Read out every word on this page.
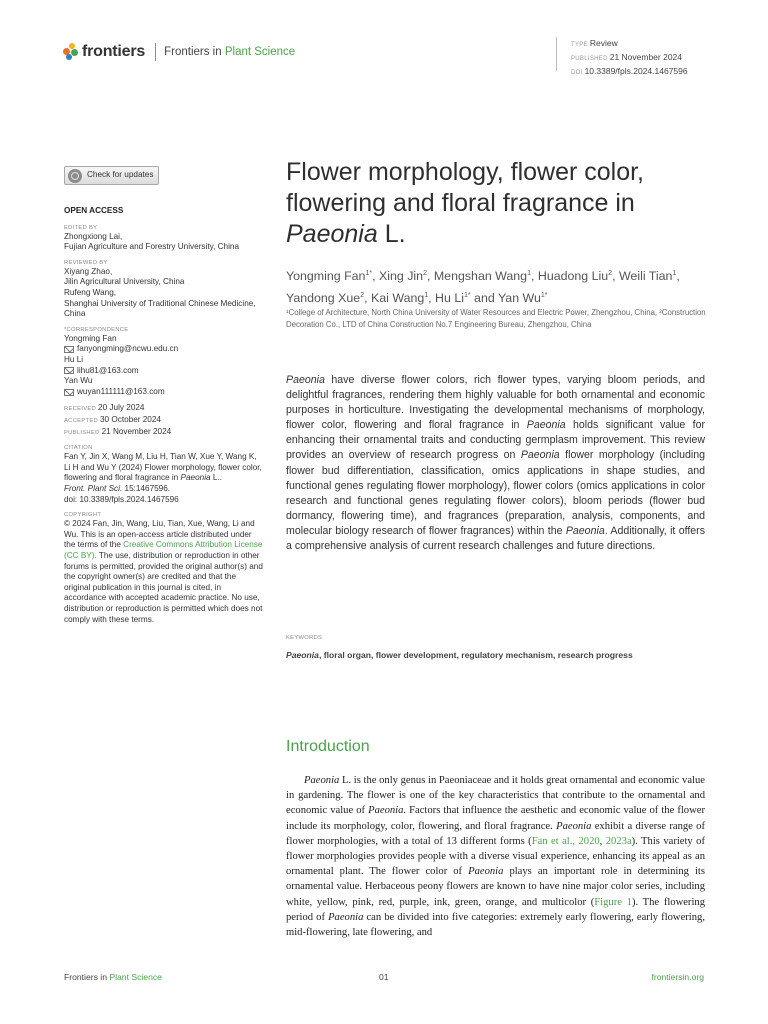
frontiers Frontiers in Plant Science
TYPE Review
PUBLISHED 21 November 2024
DOI 10.3389/fpls.2024.1467596
Check for updates
OPEN ACCESS
EDITED BY
Zhongxiong Lai,
Fujian Agriculture and Forestry University, China
REVIEWED BY
Xiyang Zhao,
Jilin Agricultural University, China
Rufeng Wang,
Shanghai University of Traditional Chinese Medicine, China
*CORRESPONDENCE
Yongming Fan
fanyongming@ncwu.edu.cn
Hu Li
lihu81@163.com
Yan Wu
wuyan111111@163.com
RECEIVED 20 July 2024
ACCEPTED 30 October 2024
PUBLISHED 21 November 2024
CITATION
Fan Y, Jin X, Wang M, Liu H, Tian W, Xue Y, Wang K, Li H and Wu Y (2024) Flower morphology, flower color, flowering and floral fragrance in Paeonia L..
Front. Plant Sci. 15:1467596.
doi: 10.3389/fpls.2024.1467596
COPYRIGHT
© 2024 Fan, Jin, Wang, Liu, Tian, Xue, Wang, Li and Wu. This is an open-access article distributed under the terms of the Creative Commons Attribution License (CC BY). The use, distribution or reproduction in other forums is permitted, provided the original author(s) and the copyright owner(s) are credited and that the original publication in this journal is cited, in accordance with accepted academic practice. No use, distribution or reproduction is permitted which does not comply with these terms.
Flower morphology, flower color, flowering and floral fragrance in Paeonia L.
Yongming Fan$^{1*}$, Xing Jin$^2$, Mengshan Wang$^1$, Huadong Liu$^2$, Weili Tian$^1$, Yandong Xue$^2$, Kai Wang$^1$, Hu $Li^{1*}$ and Yan $Wu^{1*}$
¹College of Architecture, North China University of Water Resources and Electric Power, Zhengzhou, China, ²Construction Decoration Co., LTD of China Construction No.7 Engineering Bureau, Zhengzhou, China
Paeonia have diverse flower colors, rich flower types, varying bloom periods, and delightful fragrances, rendering them highly valuable for both ornamental and economic purposes in horticulture. Investigating the developmental mechanisms of morphology, flower color, flowering and floral fragrance in Paeonia holds significant value for enhancing their ornamental traits and conducting germplasm improvement. This review provides an overview of research progress on Paeonia flower morphology (including flower bud differentiation, classification, omics applications in shape studies, and functional genes regulating flower morphology), flower colors (omics applications in color research and functional genes regulating flower colors), bloom periods (flower bud dormancy, flowering time), and fragrances (preparation, analysis, components, and molecular biology research of flower fragrances) within the Paeonia. Additionally, it offers a comprehensive analysis of current research challenges and future directions.
KEYWORDS
Paeonia, floral organ, flower development, regulatory mechanism, research progress
Introduction
Paeonia L. is the only genus in Paeoniaceae and it holds great ornamental and economic value in gardening. The flower is one of the key characteristics that contribute to the ornamental and economic value of Paeonia. Factors that influence the aesthetic and economic value of the flower include its morphology, color, flowering, and floral fragrance. Paeonia exhibit a diverse range of flower morphologies, with a total of 13 different forms (Fan et al., 2020, 2023a). This variety of flower morphologies provides people with a diverse visual experience, enhancing its appeal as an ornamental plant. The flower color of Paeonia plays an important role in determining its ornamental value. Herbaceous peony flowers are known to have nine major color series, including white, yellow, pink, red, purple, ink, green, orange, and multicolor (Figure 1). The flowering period of Paeonia can be divided into five categories: extremely early flowering, early flowering, mid-flowering, late flowering, and
Frontiers in Plant Science	01	frontiersin.org
